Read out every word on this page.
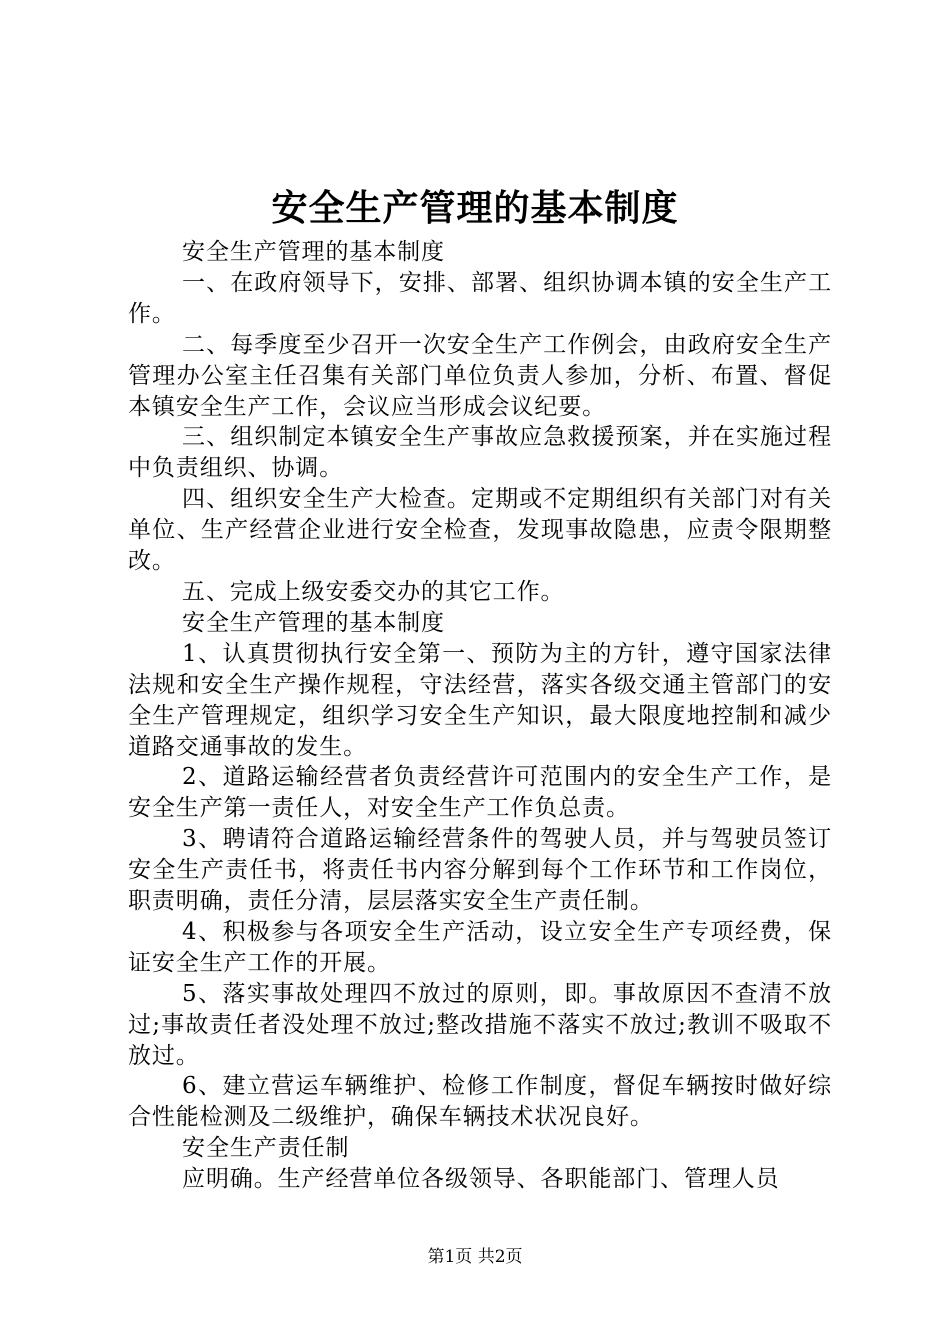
安全生产管理的基本制度

安全生产管理的基本制度

一、在政府领导下，安排、部署、组织协调本镇的安全生产工作。

二、每季度至少召开一次安全生产工作例会，由政府安全生产管理办公室主任召集有关部门单位负责人参加，分析、布置、督促本镇安全生产工作，会议应当形成会议纪要。

三、组织制定本镇安全生产事故应急救援预案，并在实施过程中负责组织、协调。

四、组织安全生产大检查。定期或不定期组织有关部门对有关单位、生产经营企业进行安全检查，发现事故隐患，应责令限期整改。

五、完成上级安委交办的其它工作。

安全生产管理的基本制度

1、认真贯彻执行安全第一、预防为主的方针，遵守国家法律法规和安全生产操作规程，守法经营，落实各级交通主管部门的安全生产管理规定，组织学习安全生产知识，最大限度地控制和减少道路交通事故的发生。

2、道路运输经营者负责经营许可范围内的安全生产工作，是安全生产第一责任人，对安全生产工作负总责。

3、聘请符合道路运输经营条件的驾驶人员，并与驾驶员签订安全生产责任书，将责任书内容分解到每个工作环节和工作岗位，职责明确，责任分清，层层落实安全生产责任制。

4、积极参与各项安全生产活动，设立安全生产专项经费，保证安全生产工作的开展。

5、落实事故处理四不放过的原则，即。事故原因不查清不放过;事故责任者没处理不放过;整改措施不落实不放过;教训不吸取不放过。

6、建立营运车辆维护、检修工作制度，督促车辆按时做好综合性能检测及二级维护，确保车辆技术状况良好。

安全生产责任制

应明确。生产经营单位各级领导、各职能部门、管理人员

第1页 共2页
